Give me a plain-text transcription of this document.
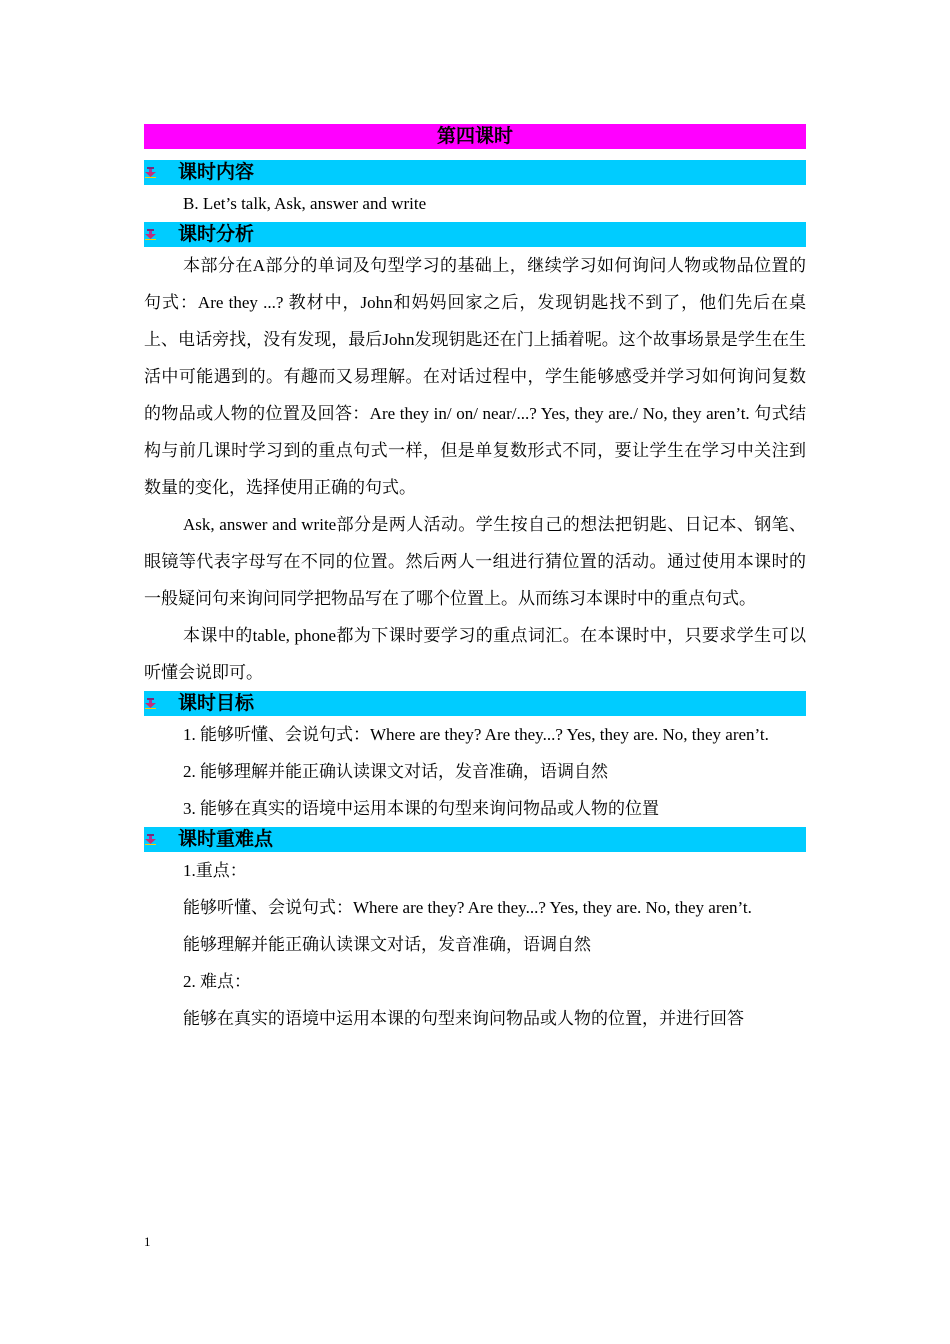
第四课时
课时内容

B. Let’s talk, Ask, answer and write

课时分析

本部分在A部分的单词及句型学习的基础上，继续学习如何询问人物或物品位置的句式：Are they ...? 教材中，John和妈妈回家之后，发现钥匙找不到了，他们先后在桌上、电话旁找，没有发现，最后John发现钥匙还在门上插着呢。这个故事场景是学生在生活中可能遇到的。有趣而又易理解。在对话过程中，学生能够感受并学习如何询问复数的物品或人物的位置及回答：Are they in/ on/ near/...? Yes, they are./ No, they aren’t. 句式结构与前几课时学习到的重点句式一样，但是单复数形式不同，要让学生在学习中关注到数量的变化，选择使用正确的句式。

Ask, answer and write部分是两人活动。学生按自己的想法把钥匙、日记本、钢笔、眼镜等代表字母写在不同的位置。然后两人一组进行猜位置的活动。通过使用本课时的一般疑问句来询问同学把物品写在了哪个位置上。从而练习本课时中的重点句式。

本课中的table, phone都为下课时要学习的重点词汇。在本课时中，只要求学生可以听懂会说即可。

课时目标

1. 能够听懂、会说句式：Where are they? Are they...? Yes, they are. No, they aren’t.

2. 能够理解并能正确认读课文对话，发音准确，语调自然

3. 能够在真实的语境中运用本课的句型来询问物品或人物的位置

课时重难点

1.重点：

能够听懂、会说句式：Where are they? Are they...? Yes, they are. No, they aren’t.

能够理解并能正确认读课文对话，发音准确，语调自然

2. 难点：

能够在真实的语境中运用本课的句型来询问物品或人物的位置，并进行回答

1
